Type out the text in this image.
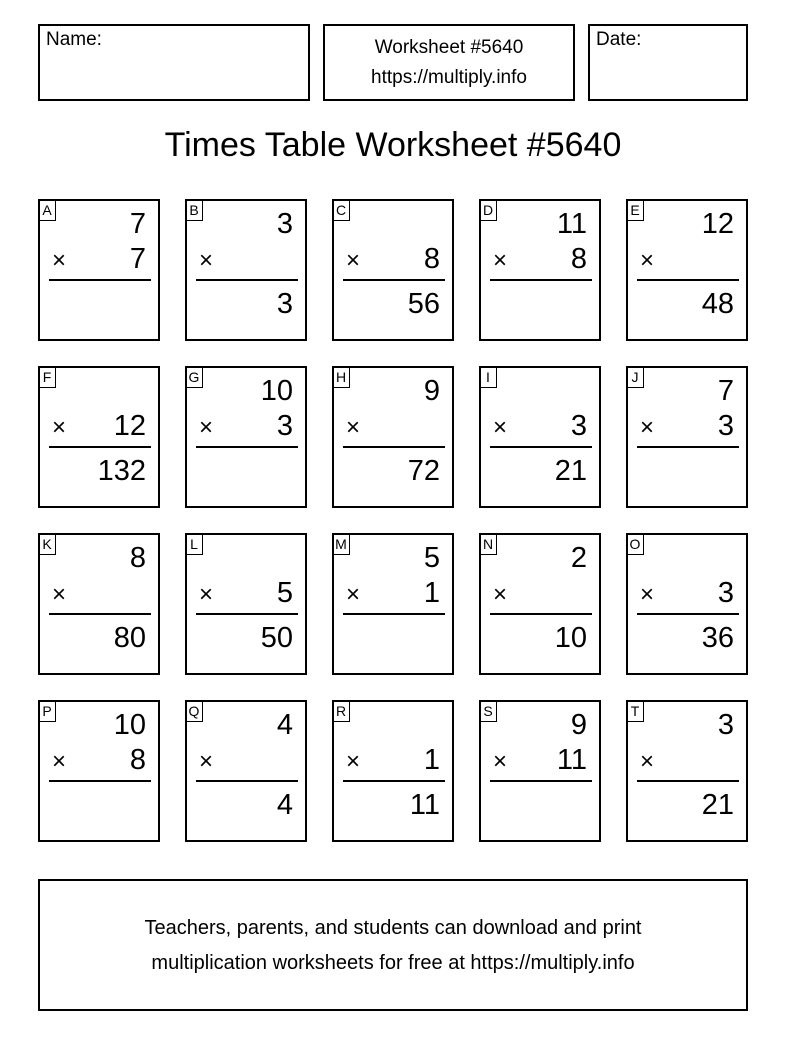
Name:	Worksheet #5640
https://multiply.info
Date:
Times Table Worksheet #5640
A	7
× 7
B	3
×
3
C
× 8
56
D 11
× 8
E 12
×
48
F
× 12
132
G 10
× 3
H	9
×
72
I
× 3
21
J	7
× 3
K	8
×
80
L
× 5
50
M	5
× 1
N	2
×
10
O
× 3
36
P 10
× 8
Q	4
×
4
R
× 1
11
S	9
× 11
T	3
×
21
Teachers, parents, and students can download and print
multiplication worksheets for free at https://multiply.info
